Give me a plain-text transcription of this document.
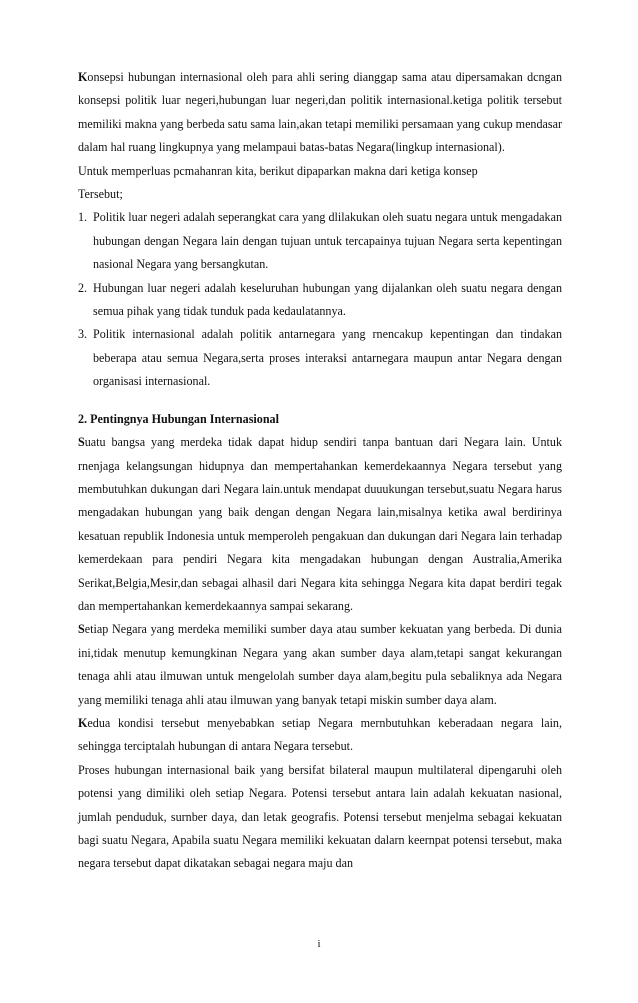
Konsepsi hubungan internasional oleh para ahli sering dianggap sama atau dipersamakan dcngan konsepsi politik luar negeri,hubungan luar negeri,dan politik internasional.ketiga politik tersebut memiliki makna yang berbeda satu sama lain,akan tetapi memiliki persamaan yang cukup mendasar dalam hal ruang lingkupnya yang melampaui batas-batas Negara(lingkup internasional).

Untuk memperluas pcmahanran kita, berikut dipaparkan makna dari ketiga konsep

Tersebut;

1. Politik luar negeri adalah seperangkat cara yang dlilakukan oleh suatu negara untuk mengadakan hubungan dengan Negara lain dengan tujuan untuk tercapainya tujuan Negara serta kepentingan nasional Negara yang bersangkutan.
2. Hubungan luar negeri adalah keseluruhan hubungan yang dijalankan oleh suatu negara dengan semua pihak yang tidak tunduk pada kedaulatannya.
3. Politik internasional adalah politik antarnegara yang rnencakup kepentingan dan tindakan beberapa atau semua Negara,serta proses interaksi antarnegara maupun antar Negara dengan organisasi internasional.

2. Pentingnya Hubungan Internasional

Suatu bangsa yang merdeka tidak dapat hidup sendiri tanpa bantuan dari Negara lain. Untuk rnenjaga kelangsungan hidupnya dan mempertahankan kemerdekaannya Negara tersebut yang membutuhkan dukungan dari Negara lain.untuk mendapat duuukungan tersebut,suatu Negara harus mengadakan hubungan yang baik dengan dengan Negara lain,misalnya ketika awal berdirinya kesatuan republik Indonesia untuk memperoleh pengakuan dan dukungan dari Negara lain terhadap kemerdekaan para pendiri Negara kita mengadakan hubungan dengan Australia,Amerika Serikat,Belgia,Mesir,dan sebagai alhasil dari Negara kita sehingga Negara kita dapat berdiri tegak dan mempertahankan kemerdekaannya sampai sekarang.

Setiap Negara yang merdeka memiliki sumber daya atau sumber kekuatan yang berbeda. Di dunia ini,tidak menutup kemungkinan Negara yang akan sumber daya alam,tetapi sangat kekurangan tenaga ahli atau ilmuwan untuk mengelolah sumber daya alam,begitu pula sebaliknya ada Negara yang memiliki tenaga ahli atau ilmuwan yang banyak tetapi miskin sumber daya alam.

Kedua kondisi tersebut menyebabkan setiap Negara mernbutuhkan keberadaan negara lain, sehingga terciptalah hubungan di antara Negara tersebut.

Proses hubungan internasional baik yang bersifat bilateral maupun multilateral dipengaruhi oleh potensi yang dimiliki oleh setiap Negara. Potensi tersebut antara lain adalah kekuatan nasional, jumlah penduduk, surnber daya, dan letak geografis. Potensi tersebut menjelma sebagai kekuatan bagi suatu Negara, Apabila suatu Negara memiliki kekuatan dalarn keernpat potensi tersebut, maka negara tersebut dapat dikatakan sebagai negara maju dan

i
